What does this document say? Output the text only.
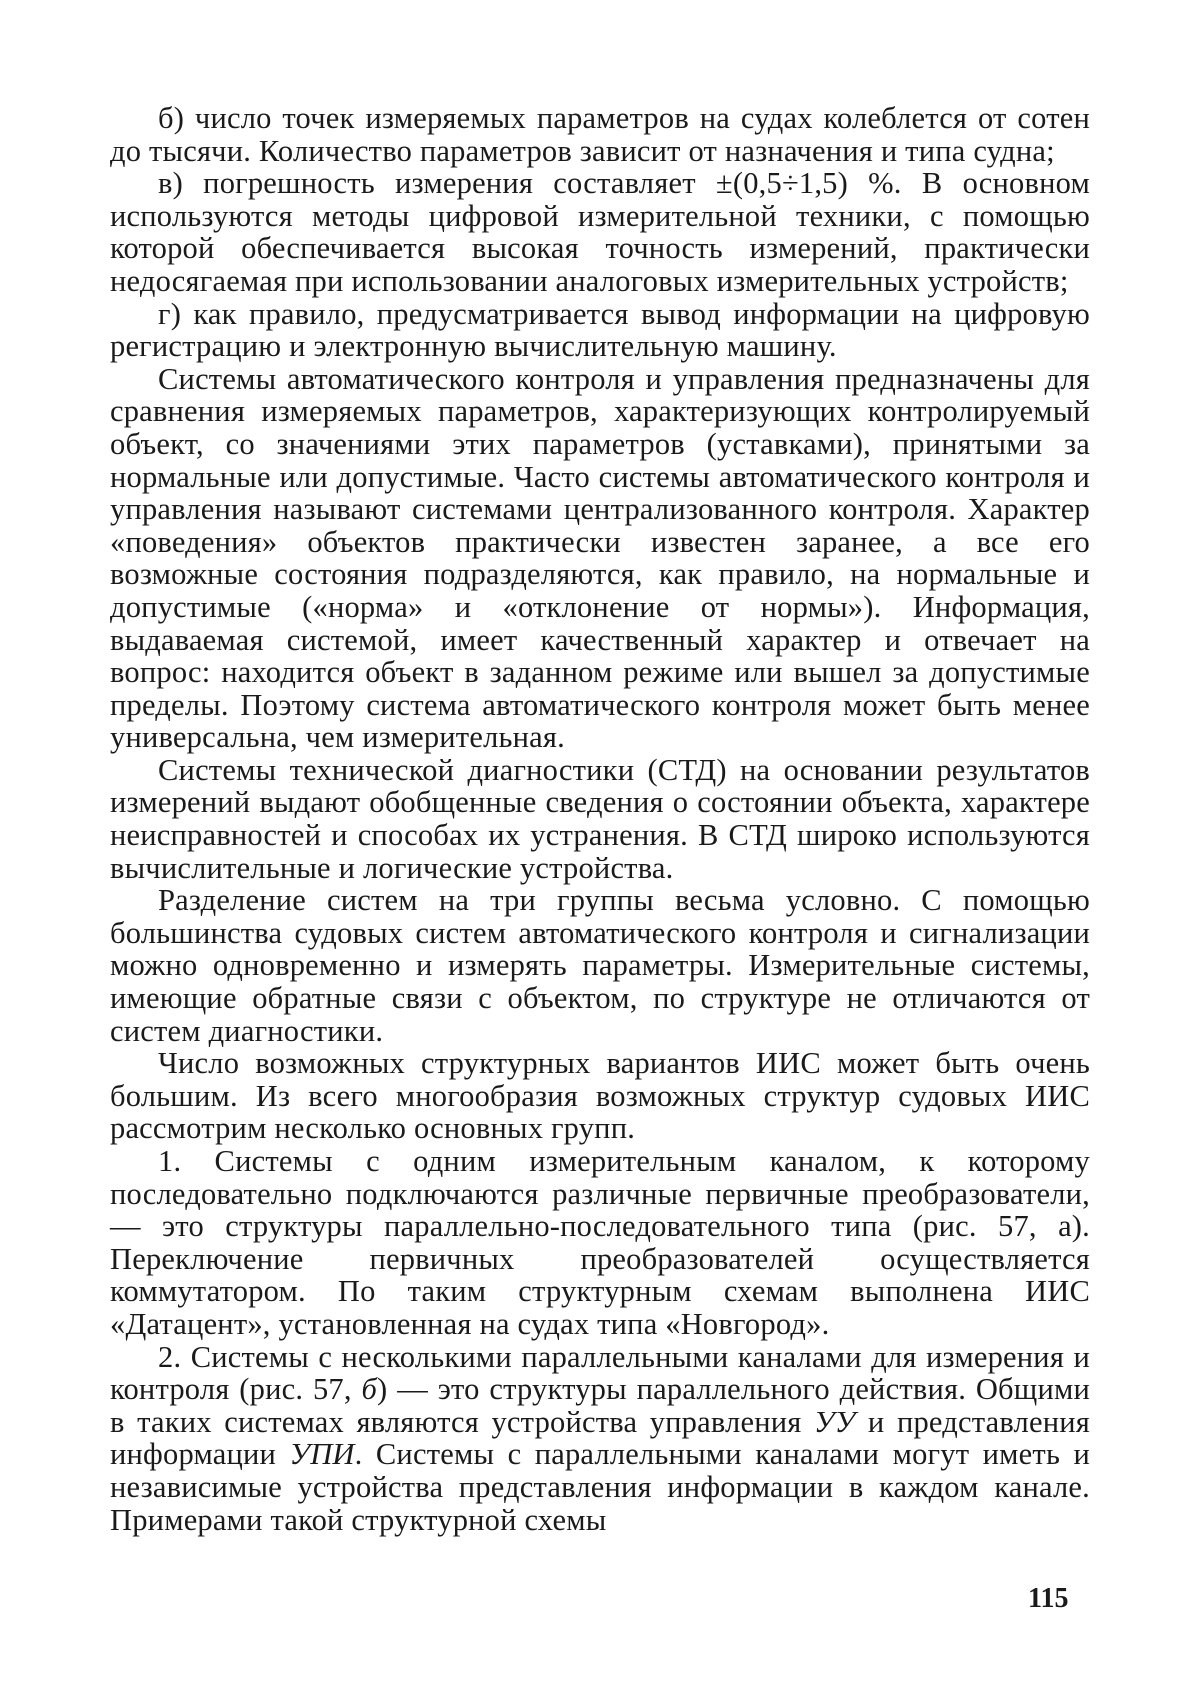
б) число точек измеряемых параметров на судах колеблется от сотен до тысячи. Количество параметров зависит от назначения и типа судна;

в) погрешность измерения составляет ±(0,5÷1,5) %. В основном используются методы цифровой измерительной техники, с помощью которой обеспечивается высокая точность измерений, практически недосягаемая при использовании аналоговых измерительных устройств;

г) как правило, предусматривается вывод информации на цифровую регистрацию и электронную вычислительную машину.

Системы автоматического контроля и управления предназначены для сравнения измеряемых параметров, характеризующих контролируемый объект, со значениями этих параметров (уставками), принятыми за нормальные или допустимые. Часто системы автоматического контроля и управления называют системами централизованного контроля. Характер «поведения» объектов практически известен заранее, а все его возможные состояния подразделяются, как правило, на нормальные и допустимые («норма» и «отклонение от нормы»). Информация, выдаваемая системой, имеет качественный характер и отвечает на вопрос: находится объект в заданном режиме или вышел за допустимые пределы. Поэтому система автоматического контроля может быть менее универсальна, чем измерительная.

Системы технической диагностики (СТД) на основании результатов измерений выдают обобщенные сведения о состоянии объекта, характере неисправностей и способах их устранения. В СТД широко используются вычислительные и логические устройства.

Разделение систем на три группы весьма условно. С помощью большинства судовых систем автоматического контроля и сигнализации можно одновременно и измерять параметры. Измерительные системы, имеющие обратные связи с объектом, по структуре не отличаются от систем диагностики.

Число возможных структурных вариантов ИИС может быть очень большим. Из всего многообразия возможных структур судовых ИИС рассмотрим несколько основных групп.

1. Системы с одним измерительным каналом, к которому последовательно подключаются различные первичные преобразователи, — это структуры параллельно-последовательного типа (рис. 57, а). Переключение первичных преобразователей осуществляется коммутатором. По таким структурным схемам выполнена ИИС «Датацент», установленная на судах типа «Новгород».

2. Системы с несколькими параллельными каналами для измерения и контроля (рис. 57, б) — это структуры параллельного действия. Общими в таких системах являются устройства управления УУ и представления информации УПИ. Системы с параллельными каналами могут иметь и независимые устройства представления информации в каждом канале. Примерами такой структурной схемы

115
